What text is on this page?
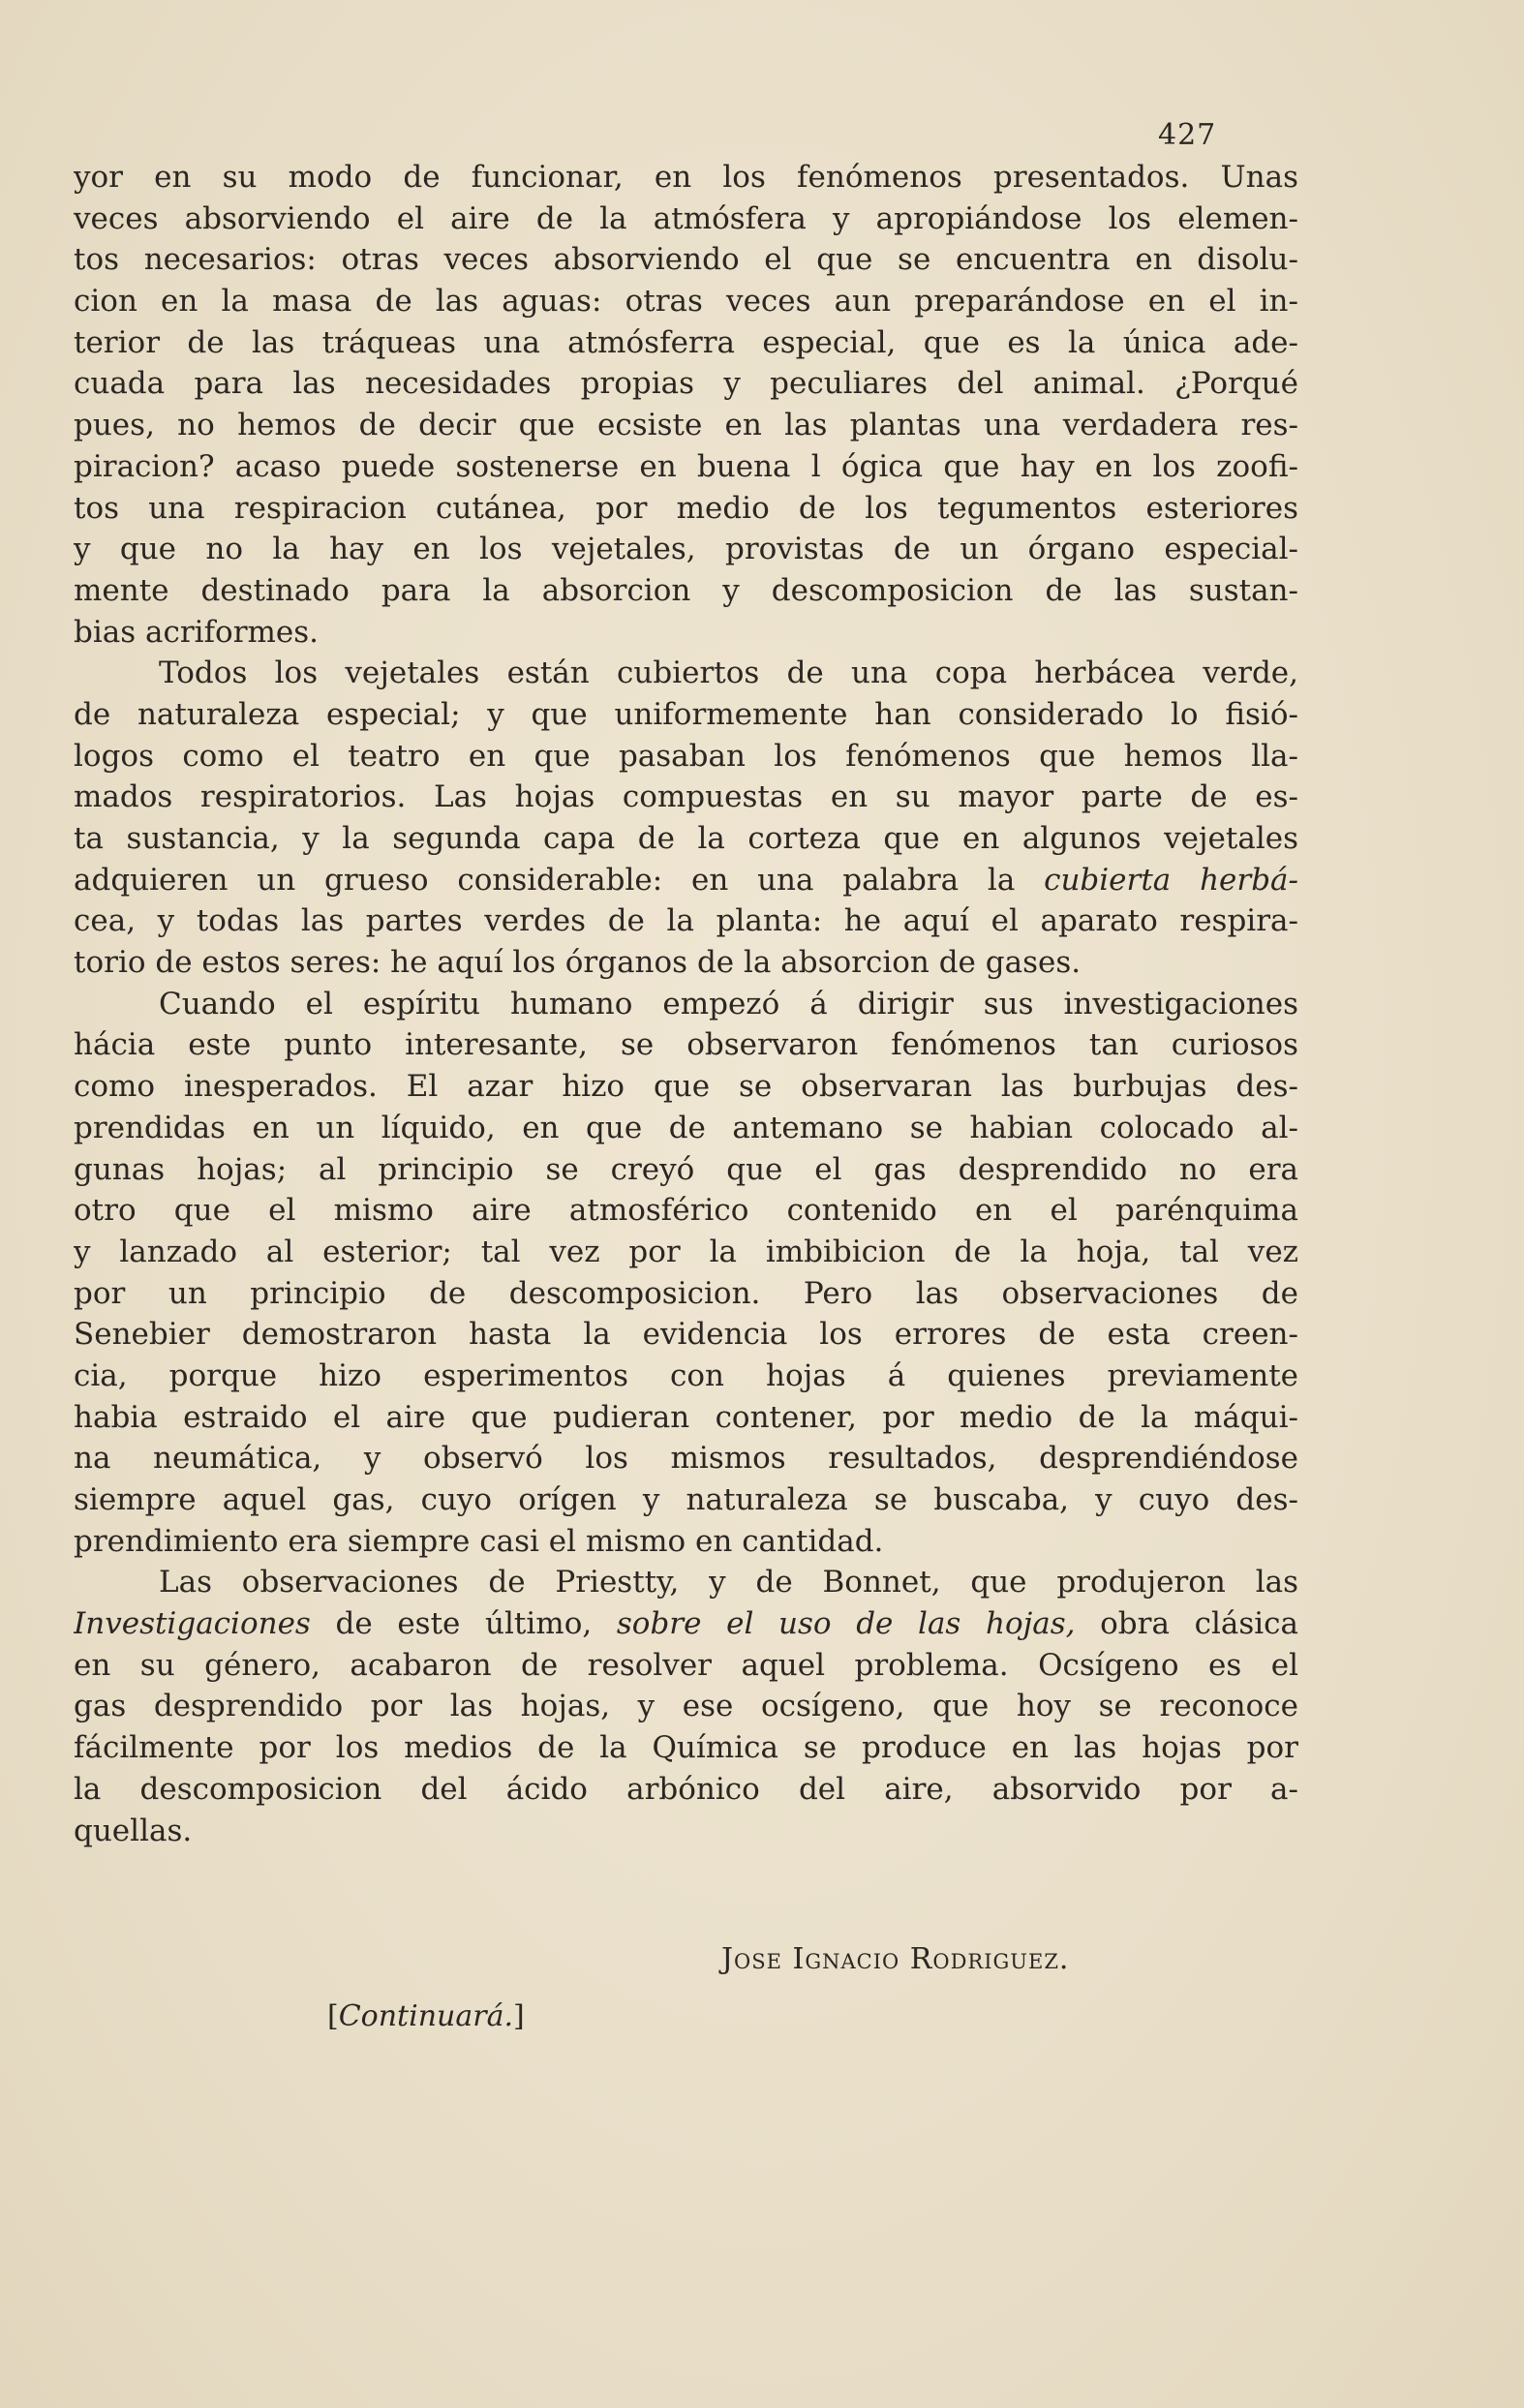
427
yor en su modo de funcionar, en los fenómenos presentados. Unas
veces absorviendo el aire de la atmósfera y apropiándose los elemen-
tos necesarios: otras veces absorviendo el que se encuentra en disolu-
cion en la masa de las aguas: otras veces aun preparándose en el in-
terior de las tráqueas una atmósferra especial, que es la única ade-
cuada para las necesidades propias y peculiares del animal. ¿Porqué
pues, no hemos de decir que ecsiste en las plantas una verdadera res-
piracion? acaso puede sostenerse en buena l ógica que hay en los zoofi-
tos una respiracion cutánea, por medio de los tegumentos esteriores
y que no la hay en los vejetales, provistas de un órgano especial-
mente destinado para la absorcion y descomposicion de las sustan-
bias acriformes.
Todos los vejetales están cubiertos de una copa herbácea verde,
de naturaleza especial; y que uniformemente han considerado lo fisió-
logos como el teatro en que pasaban los fenómenos que hemos lla-
mados respiratorios. Las hojas compuestas en su mayor parte de es-
ta sustancia, y la segunda capa de la corteza que en algunos vejetales
adquieren un grueso considerable: en una palabra la cubierta herbá-
cea, y todas las partes verdes de la planta: he aquí el aparato respira-
torio de estos seres: he aquí los órganos de la absorcion de gases.
Cuando el espíritu humano empezó á dirigir sus investigaciones
hácia este punto interesante, se observaron fenómenos tan curiosos
como inesperados. El azar hizo que se observaran las burbujas des-
prendidas en un líquido, en que de antemano se habian colocado al-
gunas hojas; al principio se creyó que el gas desprendido no era
otro que el mismo aire atmosférico contenido en el parénquima
y lanzado al esterior; tal vez por la imbibicion de la hoja, tal vez
por un principio de descomposicion. Pero las observaciones de
Senebier demostraron hasta la evidencia los errores de esta creen-
cia, porque hizo esperimentos con hojas á quienes previamente
habia estraido el aire que pudieran contener, por medio de la máqui-
na neumática, y observó los mismos resultados, desprendiéndose
siempre aquel gas, cuyo orígen y naturaleza se buscaba, y cuyo des-
prendimiento era siempre casi el mismo en cantidad.
Las observaciones de Priestty, y de Bonnet, que produjeron las
Investigaciones de este último, sobre el uso de las hojas, obra clásica
en su género, acabaron de resolver aquel problema. Ocsígeno es el
gas desprendido por las hojas, y ese ocsígeno, que hoy se reconoce
fácilmente por los medios de la Química se produce en las hojas por
la descomposicion del ácido arbónico del aire, absorvido por a-
quellas.
Jose Ignacio Rodriguez.
[Continuará.]
